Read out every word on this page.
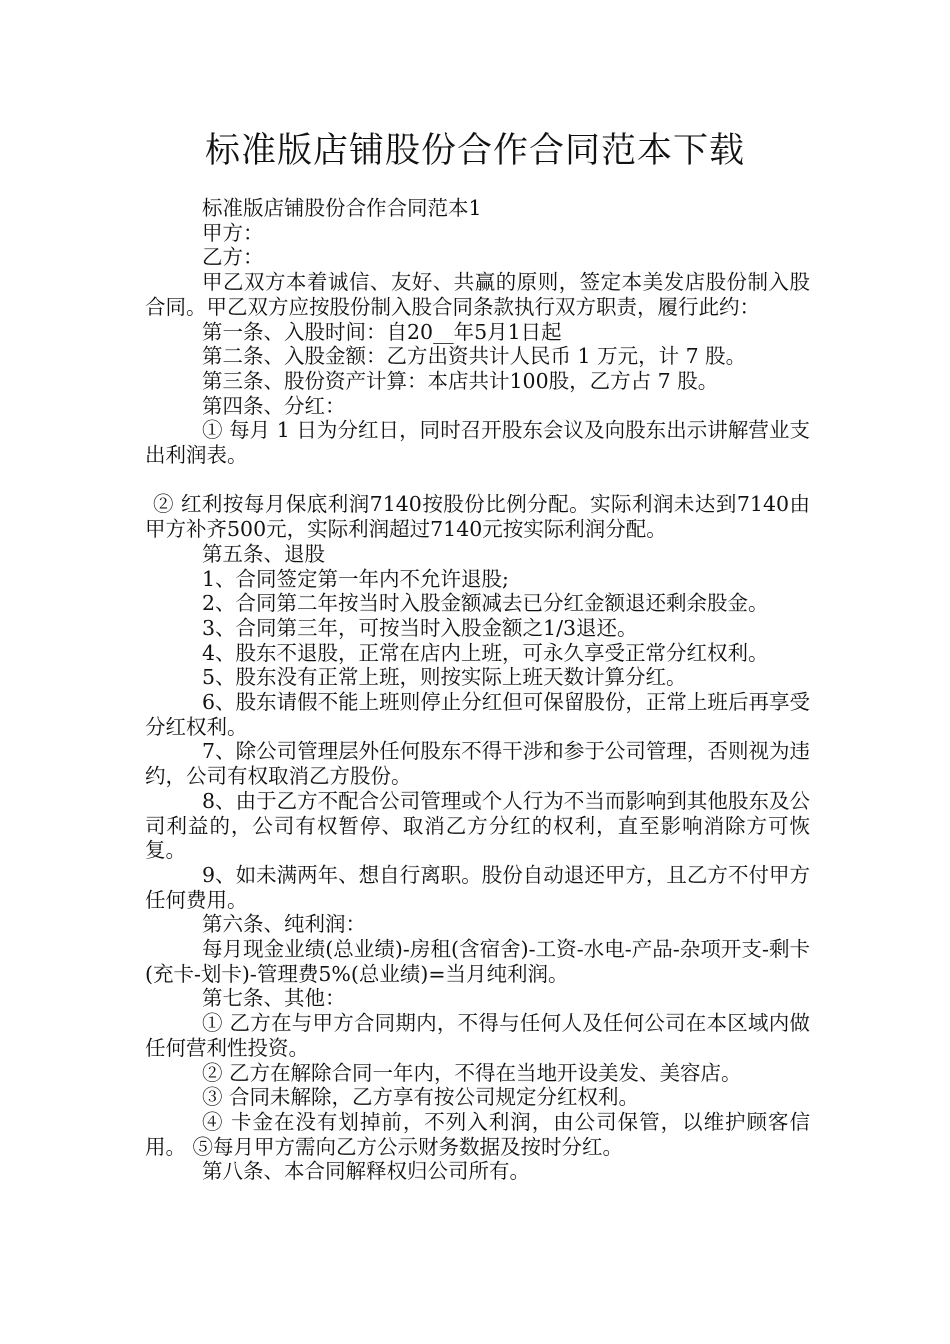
标准版店铺股份合作合同范本下载

标准版店铺股份合作合同范本1

甲方：

乙方：

甲乙双方本着诚信、友好、共赢的原则，签定本美发店股份制入股合同。甲乙双方应按股份制入股合同条款执行双方职责，履行此约：

第一条、入股时间：自20__年5月1日起

第二条、入股金额：乙方出资共计人民币 1 万元，计 7 股。

第三条、股份资产计算：本店共计100股，乙方占 7 股。

第四条、分红：

① 每月 1 日为分红日，同时召开股东会议及向股东出示讲解营业支出利润表。

② 红利按每月保底利润7140按股份比例分配。实际利润未达到7140由甲方补齐500元，实际利润超过7140元按实际利润分配。

第五条、退股

1、合同签定第一年内不允许退股;

2、合同第二年按当时入股金额减去已分红金额退还剩余股金。

3、合同第三年，可按当时入股金额之1/3退还。

4、股东不退股，正常在店内上班，可永久享受正常分红权利。

5、股东没有正常上班，则按实际上班天数计算分红。

6、股东请假不能上班则停止分红但可保留股份，正常上班后再享受分红权利。

7、除公司管理层外任何股东不得干涉和参于公司管理，否则视为违约，公司有权取消乙方股份。

8、由于乙方不配合公司管理或个人行为不当而影响到其他股东及公司利益的，公司有权暂停、取消乙方分红的权利，直至影响消除方可恢复。

9、如未满两年、想自行离职。股份自动退还甲方，且乙方不付甲方任何费用。

第六条、纯利润：

每月现金业绩(总业绩)-房租(含宿舍)-工资-水电-产品-杂项开支-剩卡(充卡-划卡)-管理费5%(总业绩)=当月纯利润。

第七条、其他：

① 乙方在与甲方合同期内，不得与任何人及任何公司在本区域内做任何营利性投资。

② 乙方在解除合同一年内，不得在当地开设美发、美容店。

③ 合同未解除，乙方享有按公司规定分红权利。

④ 卡金在没有划掉前，不列入利润，由公司保管，以维护顾客信用。 ⑤每月甲方需向乙方公示财务数据及按时分红。

第八条、本合同解释权归公司所有。
